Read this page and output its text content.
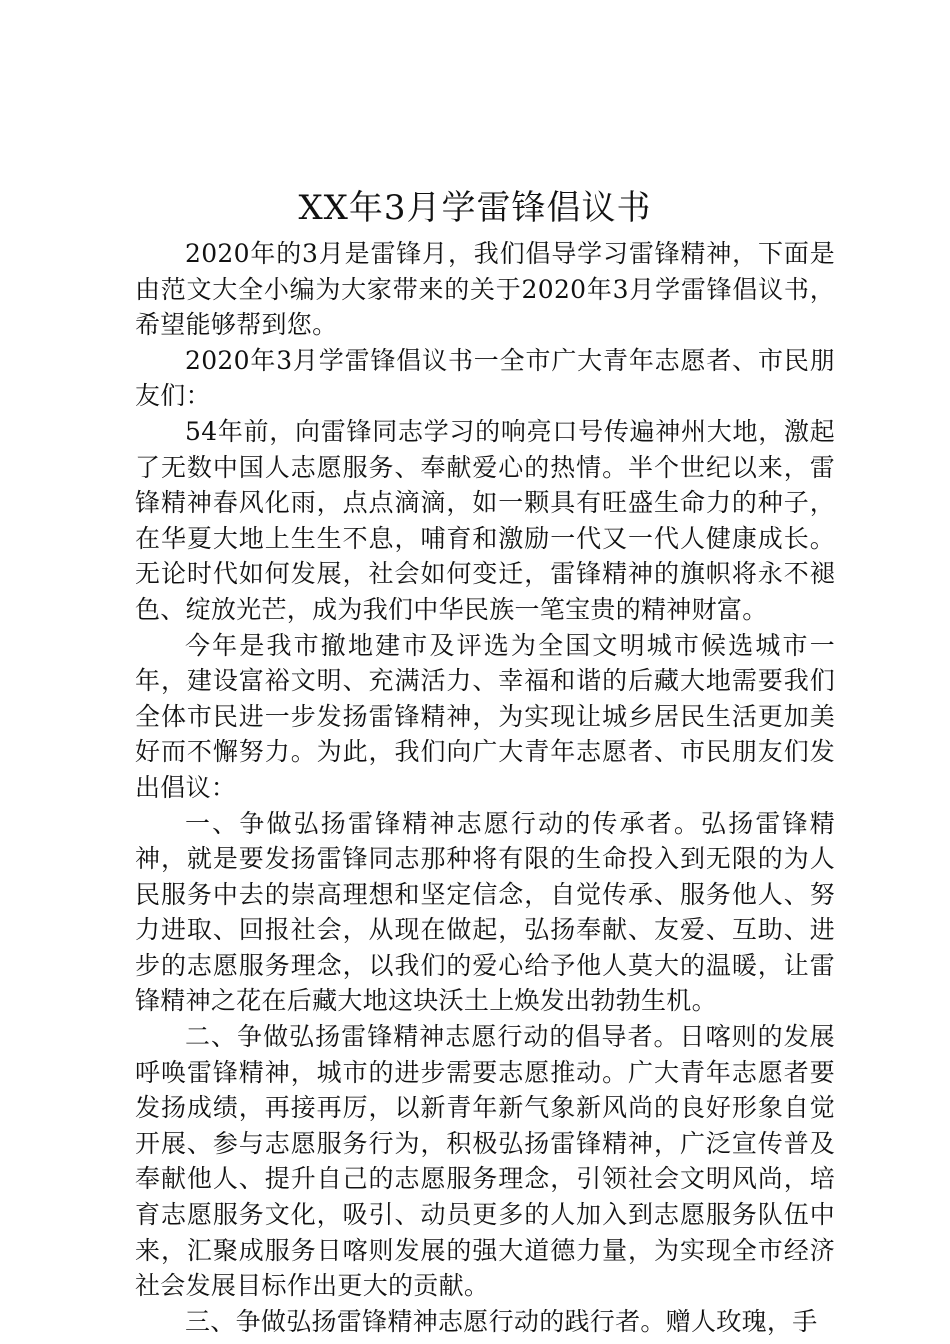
XX年3月学雷锋倡议书

2020年的3月是雷锋月，我们倡导学习雷锋精神，下面是由范文大全小编为大家带来的关于2020年3月学雷锋倡议书，希望能够帮到您。

2020年3月学雷锋倡议书一全市广大青年志愿者、市民朋友们：

54年前，向雷锋同志学习的响亮口号传遍神州大地，激起了无数中国人志愿服务、奉献爱心的热情。半个世纪以来，雷锋精神春风化雨，点点滴滴，如一颗具有旺盛生命力的种子，在华夏大地上生生不息，哺育和激励一代又一代人健康成长。无论时代如何发展，社会如何变迁，雷锋精神的旗帜将永不褪色、绽放光芒，成为我们中华民族一笔宝贵的精神财富。

今年是我市撤地建市及评选为全国文明城市候选城市一年，建设富裕文明、充满活力、幸福和谐的后藏大地需要我们全体市民进一步发扬雷锋精神，为实现让城乡居民生活更加美好而不懈努力。为此，我们向广大青年志愿者、市民朋友们发出倡议：

一、争做弘扬雷锋精神志愿行动的传承者。弘扬雷锋精神，就是要发扬雷锋同志那种将有限的生命投入到无限的为人民服务中去的崇高理想和坚定信念，自觉传承、服务他人、努力进取、回报社会，从现在做起，弘扬奉献、友爱、互助、进步的志愿服务理念，以我们的爱心给予他人莫大的温暖，让雷锋精神之花在后藏大地这块沃土上焕发出勃勃生机。

二、争做弘扬雷锋精神志愿行动的倡导者。日喀则的发展呼唤雷锋精神，城市的进步需要志愿推动。广大青年志愿者要发扬成绩，再接再厉，以新青年新气象新风尚的良好形象自觉开展、参与志愿服务行为，积极弘扬雷锋精神，广泛宣传普及奉献他人、提升自己的志愿服务理念，引领社会文明风尚，培育志愿服务文化，吸引、动员更多的人加入到志愿服务队伍中来，汇聚成服务日喀则发展的强大道德力量，为实现全市经济社会发展目标作出更大的贡献。

三、争做弘扬雷锋精神志愿行动的践行者。赠人玫瑰，手
